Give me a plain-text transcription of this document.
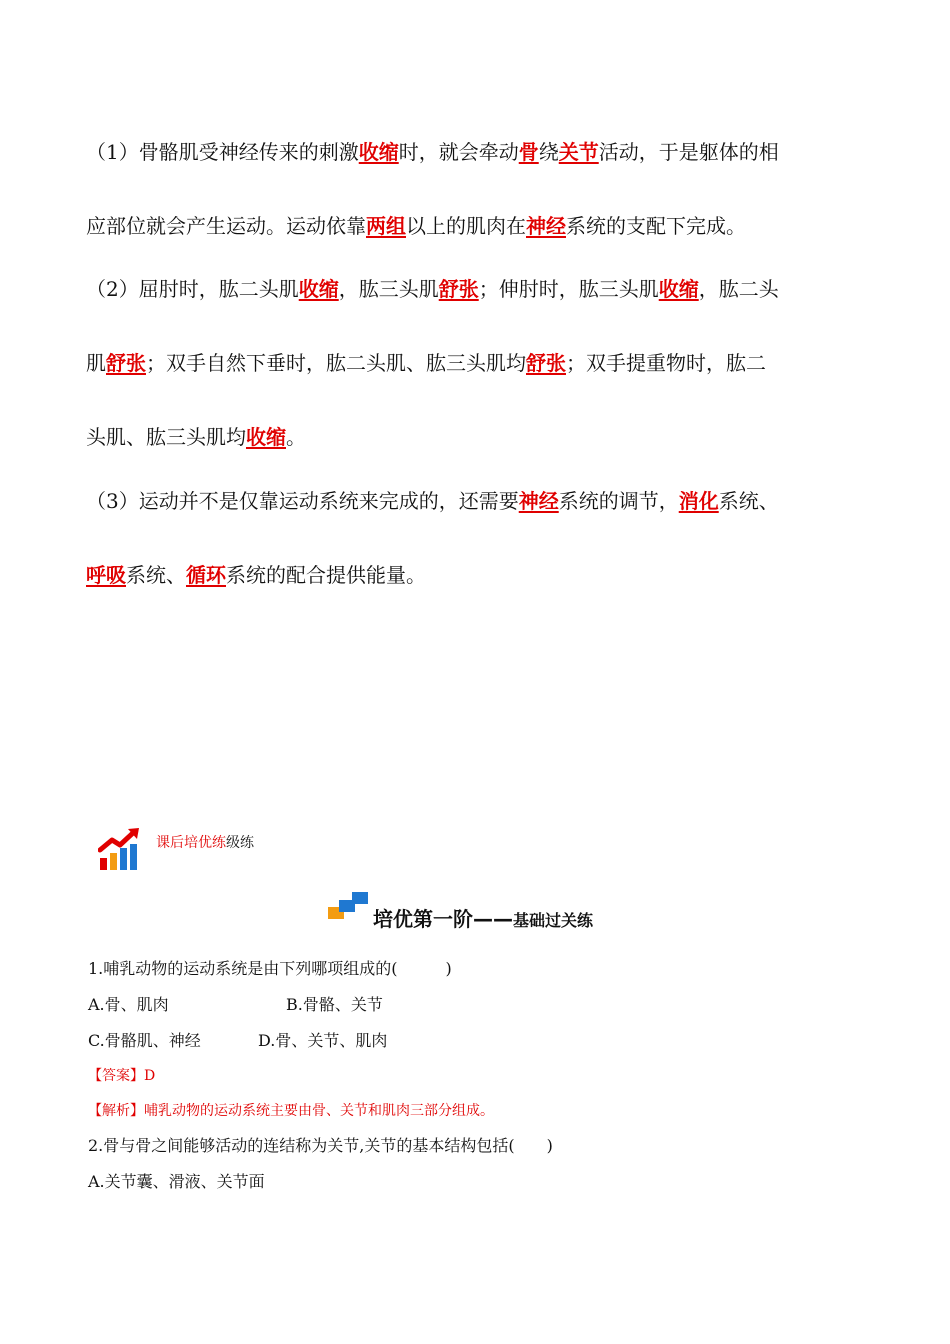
（1）骨骼肌受神经传来的刺激收缩时，就会牵动骨绕关节活动，于是躯体的相
应部位就会产生运动。运动依靠两组以上的肌肉在神经系统的支配下完成。
（2）屈肘时，肱二头肌收缩，肱三头肌舒张；伸肘时，肱三头肌收缩，肱二头
肌舒张；双手自然下垂时，肱二头肌、肱三头肌均舒张；双手提重物时，肱二
头肌、肱三头肌均收缩。
（3）运动并不是仅靠运动系统来完成的，还需要神经系统的调节，消化系统、
呼吸系统、循环系统的配合提供能量。
课后培优练级练
培优第一阶——基础过关练
1.哺乳动物的运动系统是由下列哪项组成的(　　　)
A.骨、肌肉	B.骨骼、关节
C.骨骼肌、神经	D.骨、关节、肌肉
【答案】D
【解析】哺乳动物的运动系统主要由骨、关节和肌肉三部分组成。
2.骨与骨之间能够活动的连结称为关节,关节的基本结构包括(　　)
A.关节囊、滑液、关节面
